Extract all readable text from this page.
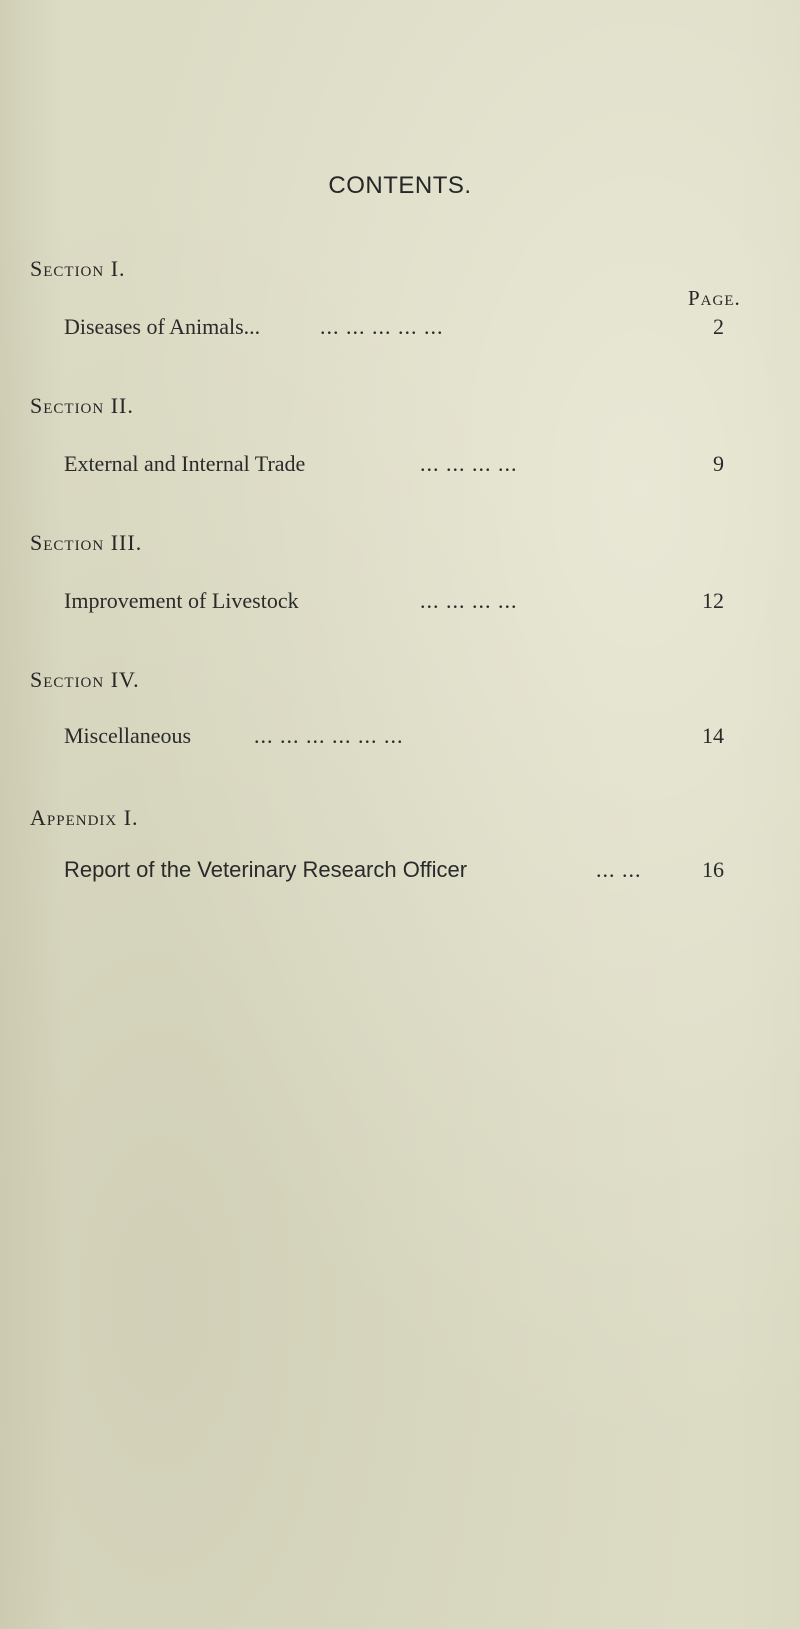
CONTENTS.
Page.
Section I.
Diseases of Animals...	... ... ... ... ...	2
Section II.
External and Internal Trade	... ... ... ...	9
Section III.
Improvement of Livestock	... ... ... ...	12
Section IV.
Miscellaneous	... ... ... ... ... ...	14
Appendix I.
Report of the Veterinary Research Officer	... ...	16
